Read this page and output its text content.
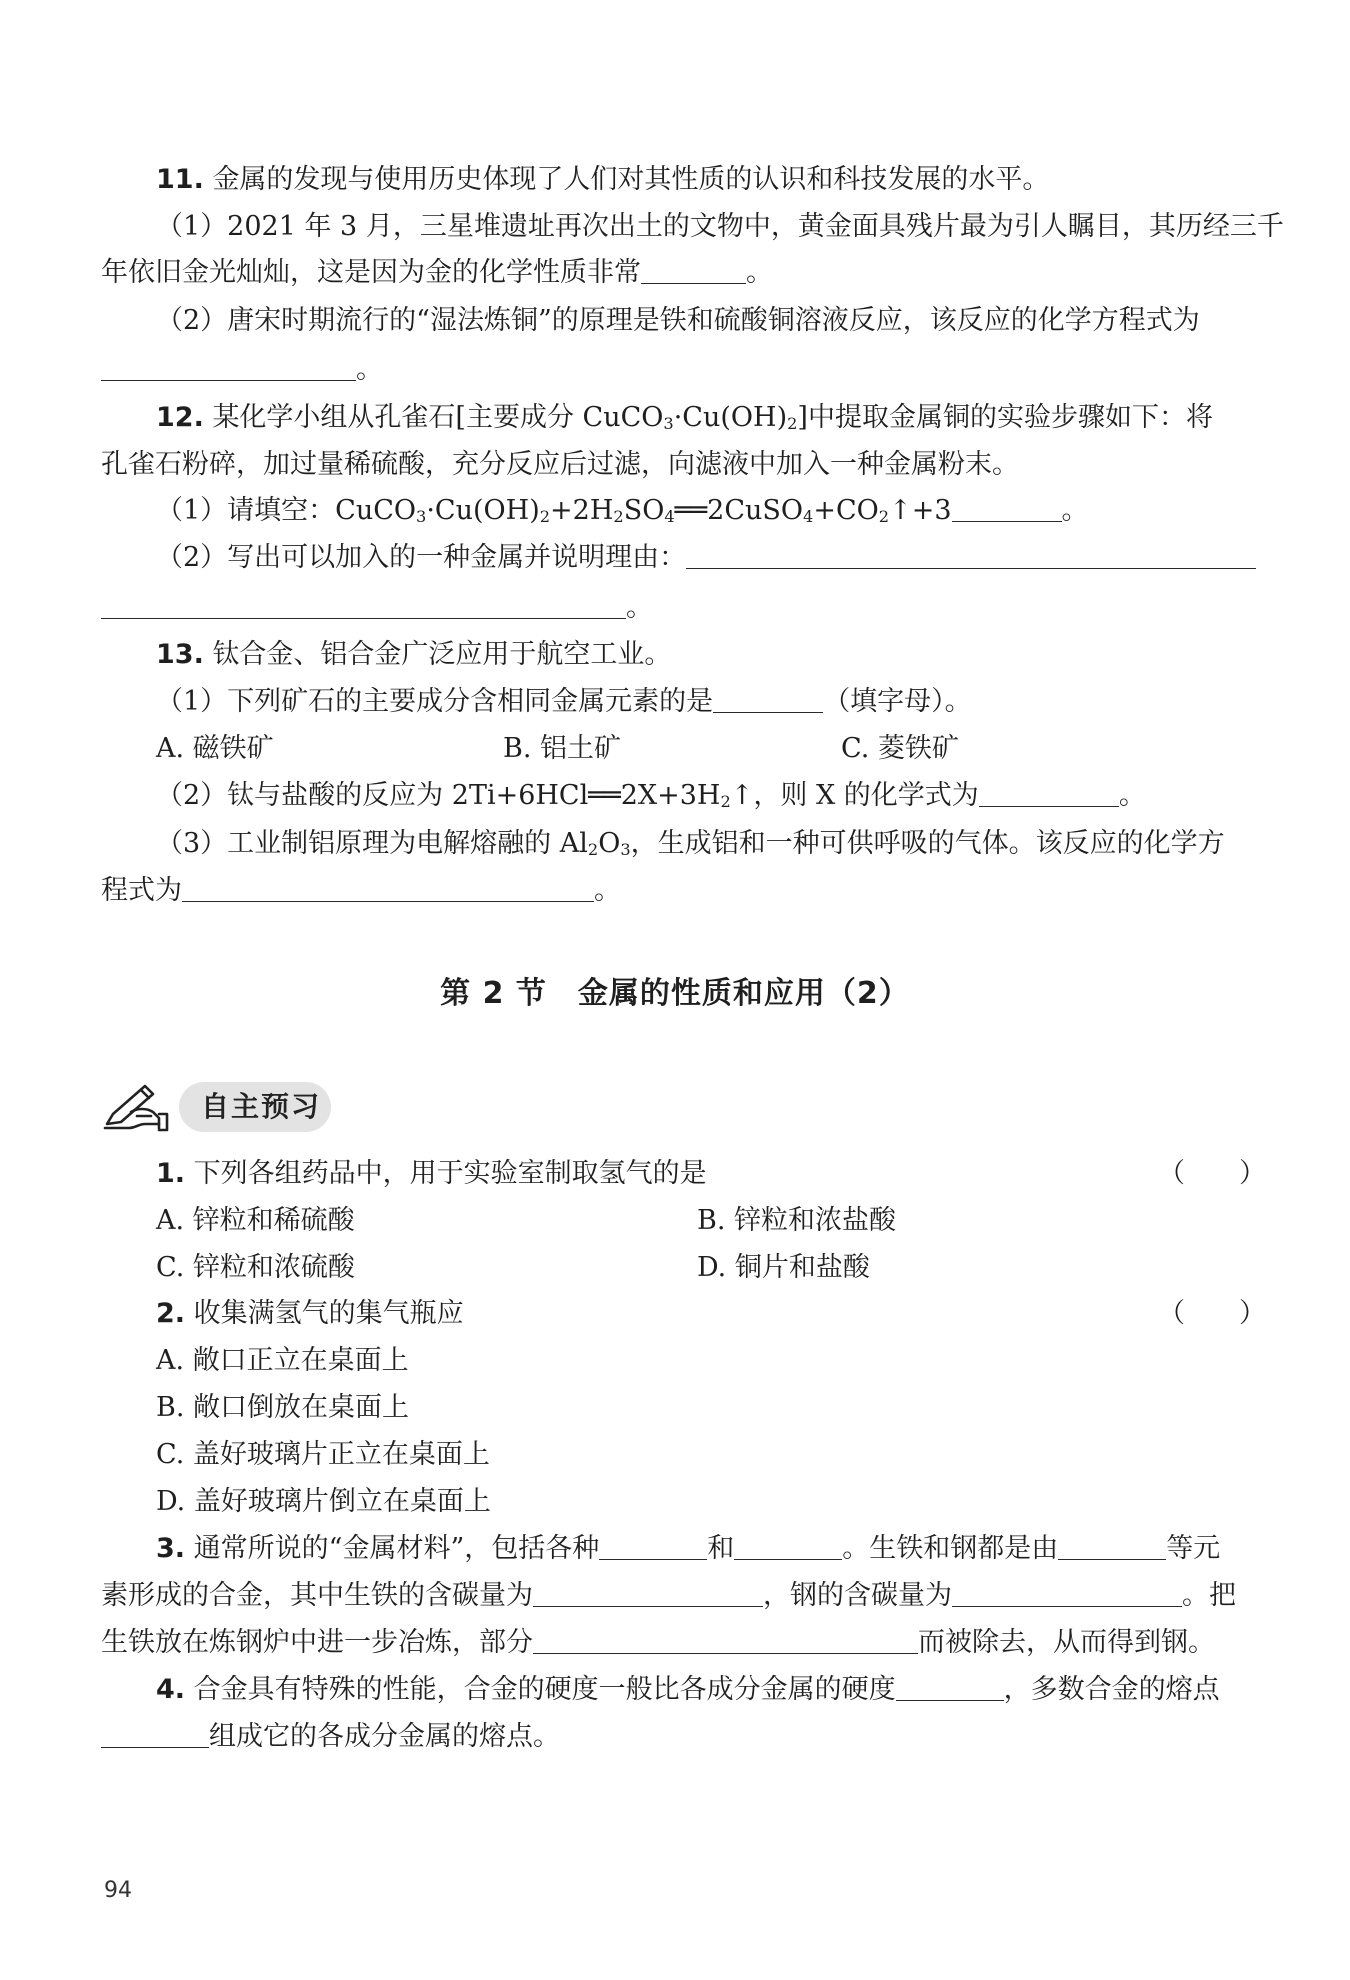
11. 金属的发现与使用历史体现了人们对其性质的认识和科技发展的水平。
（1）2021 年 3 月，三星堆遗址再次出土的文物中，黄金面具残片最为引人瞩目，其历经三千
年依旧金光灿灿，这是因为金的化学性质非常	。
（2）唐宋时期流行的“湿法炼铜”的原理是铁和硫酸铜溶液反应，该反应的化学方程式为
。
12. 某化学小组从孔雀石[主要成分 $CuCO_3\cdot Cu(OH)_2$]中提取金属铜的实验步骤如下：将
孔雀石粉碎，加过量稀硫酸，充分反应后过滤，向滤液中加入一种金属粉末。
（1）请填空：$CuCO_3\cdot Cu(OH)_2+2H_2SO_4══2CuSO_4+CO_2↑+3$	。
（2）写出可以加入的一种金属并说明理由：
。
13. 钛合金、铝合金广泛应用于航空工业。
（1）下列矿石的主要成分含相同金属元素的是	（填字母）。
A. 磁铁矿	B. 铝土矿	C. 菱铁矿
（2）钛与盐酸的反应为 $2Ti+6HCl══2X+3H_2↑$，则 X 的化学式为	。
（3）工业制铝原理为电解熔融的 $Al_2O_3$，生成铝和一种可供呼吸的气体。该反应的化学方
程式为	。
第 2 节　金属的性质和应用（2）
自主预习
1. 下列各组药品中，用于实验室制取氢气的是	（　　）
A. 锌粒和稀硫酸	B. 锌粒和浓盐酸
C. 锌粒和浓硫酸	D. 铜片和盐酸
2. 收集满氢气的集气瓶应	（　　）
A. 敞口正立在桌面上
B. 敞口倒放在桌面上
C. 盖好玻璃片正立在桌面上
D. 盖好玻璃片倒立在桌面上
3. 通常所说的“金属材料”，包括各种	和	。生铁和钢都是由	等元
素形成的合金，其中生铁的含碳量为	，钢的含碳量为	。把
生铁放在炼钢炉中进一步冶炼，部分	而被除去，从而得到钢。
4. 合金具有特殊的性能，合金的硬度一般比各成分金属的硬度	，多数合金的熔点
组成它的各成分金属的熔点。
94
